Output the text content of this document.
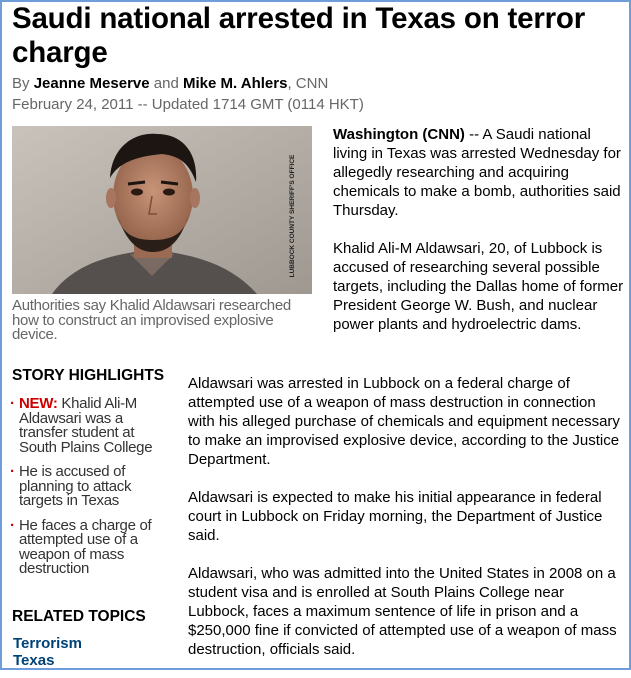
Saudi national arrested in Texas on terror charge
By Jeanne Meserve and Mike M. Ahlers, CNN
February 24, 2011 -- Updated 1714 GMT (0114 HKT)
LUBBOCK COUNTY SHERIFF'S OFFICE
Authorities say Khalid Aldawsari researched how to construct an improvised explosive device.

Washington (CNN) -- A Saudi national living in Texas was arrested Wednesday for allegedly researching and acquiring chemicals to make a bomb, authorities said Thursday.

Khalid Ali-M Aldawsari, 20, of Lubbock is accused of researching several possible targets, including the Dallas home of former President George W. Bush, and nuclear power plants and hydroelectric dams.

STORY HIGHLIGHTS
· NEW: Khalid Ali-M Aldawsari was a transfer student at South Plains College
· He is accused of planning to attack targets in Texas
· He faces a charge of attempted use of a weapon of mass destruction

Aldawsari was arrested in Lubbock on a federal charge of attempted use of a weapon of mass destruction in connection with his alleged purchase of chemicals and equipment necessary to make an improvised explosive device, according to the Justice Department.

Aldawsari is expected to make his initial appearance in federal court in Lubbock on Friday morning, the Department of Justice said.

Aldawsari, who was admitted into the United States in 2008 on a student visa and is enrolled at South Plains College near Lubbock, faces a maximum sentence of life in prison and a $250,000 fine if convicted of attempted use of a weapon of mass destruction, officials said.

RELATED TOPICS
Terrorism
Texas
